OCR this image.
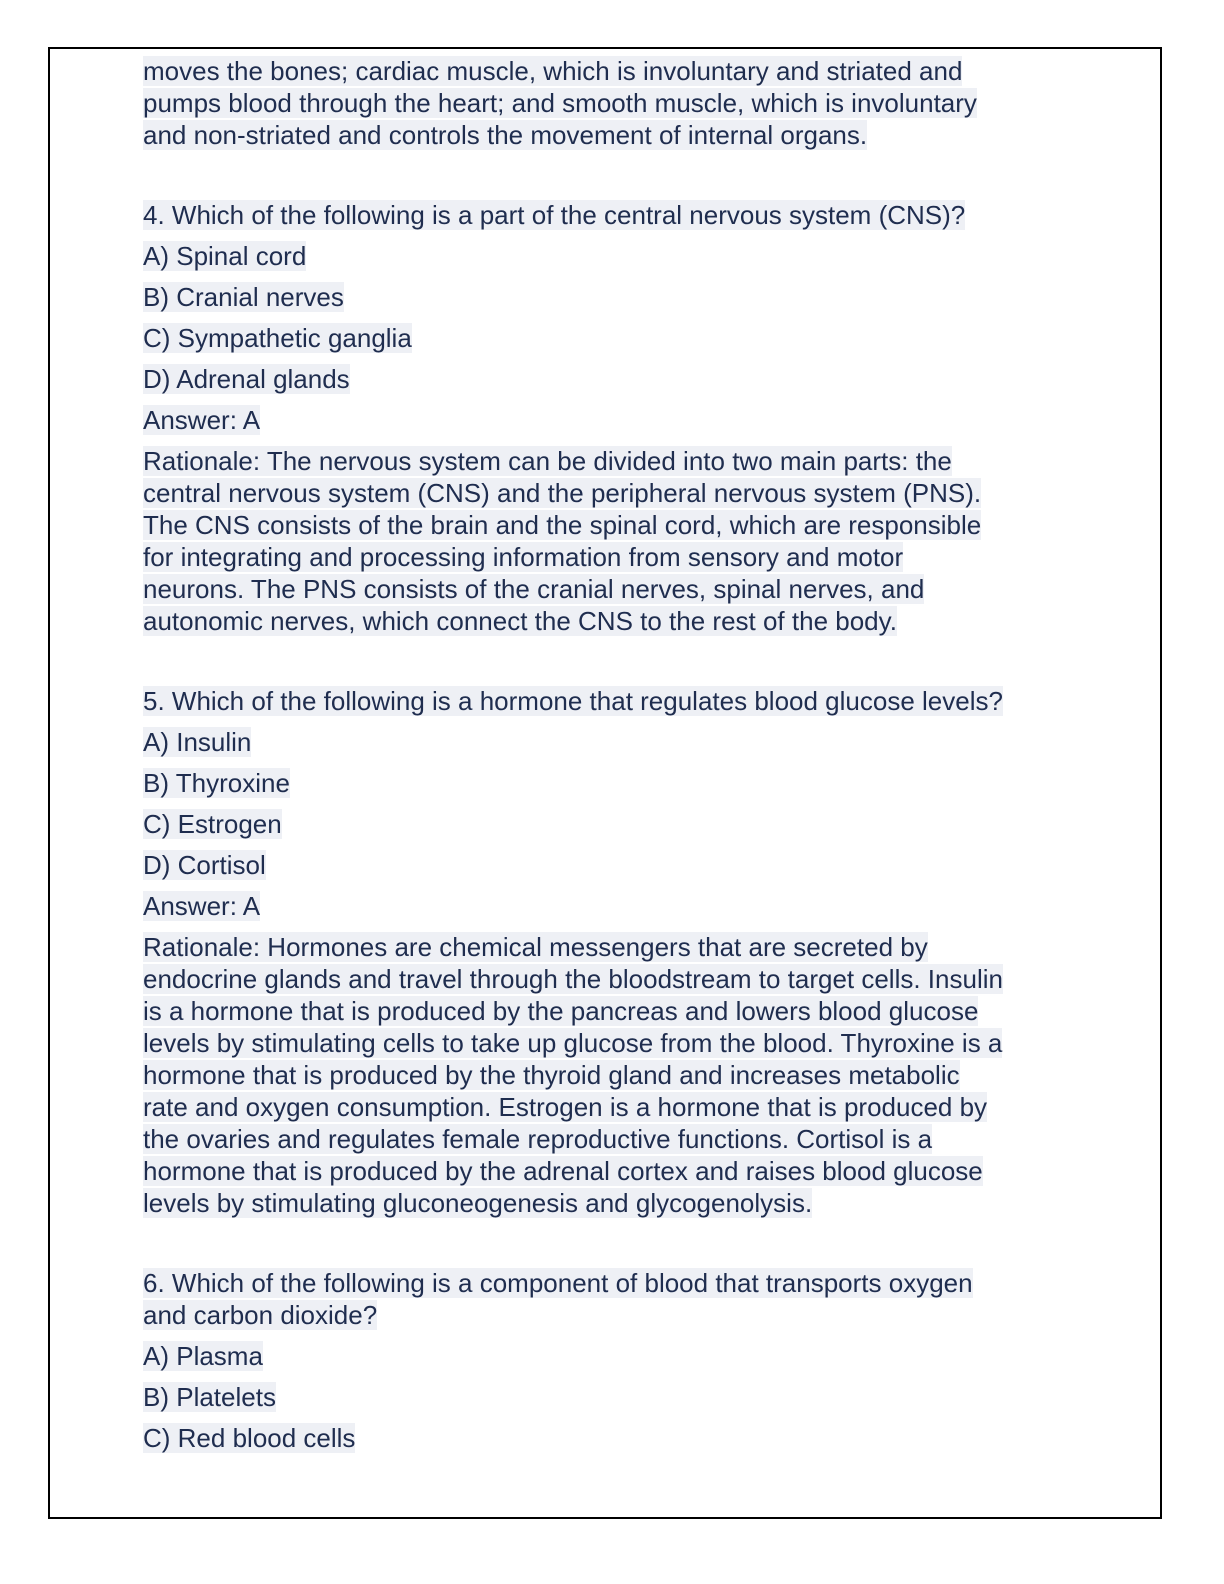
moves the bones; cardiac muscle, which is involuntary and striated and
pumps blood through the heart; and smooth muscle, which is involuntary
and non-striated and controls the movement of internal organs.

4. Which of the following is a part of the central nervous system (CNS)?

A) Spinal cord

B) Cranial nerves

C) Sympathetic ganglia

D) Adrenal glands

Answer: A

Rationale: The nervous system can be divided into two main parts: the
central nervous system (CNS) and the peripheral nervous system (PNS).
The CNS consists of the brain and the spinal cord, which are responsible
for integrating and processing information from sensory and motor
neurons. The PNS consists of the cranial nerves, spinal nerves, and
autonomic nerves, which connect the CNS to the rest of the body.

5. Which of the following is a hormone that regulates blood glucose levels?

A) Insulin

B) Thyroxine

C) Estrogen

D) Cortisol

Answer: A

Rationale: Hormones are chemical messengers that are secreted by
endocrine glands and travel through the bloodstream to target cells. Insulin
is a hormone that is produced by the pancreas and lowers blood glucose
levels by stimulating cells to take up glucose from the blood. Thyroxine is a
hormone that is produced by the thyroid gland and increases metabolic
rate and oxygen consumption. Estrogen is a hormone that is produced by
the ovaries and regulates female reproductive functions. Cortisol is a
hormone that is produced by the adrenal cortex and raises blood glucose
levels by stimulating gluconeogenesis and glycogenolysis.

6. Which of the following is a component of blood that transports oxygen
and carbon dioxide?

A) Plasma

B) Platelets

C) Red blood cells
